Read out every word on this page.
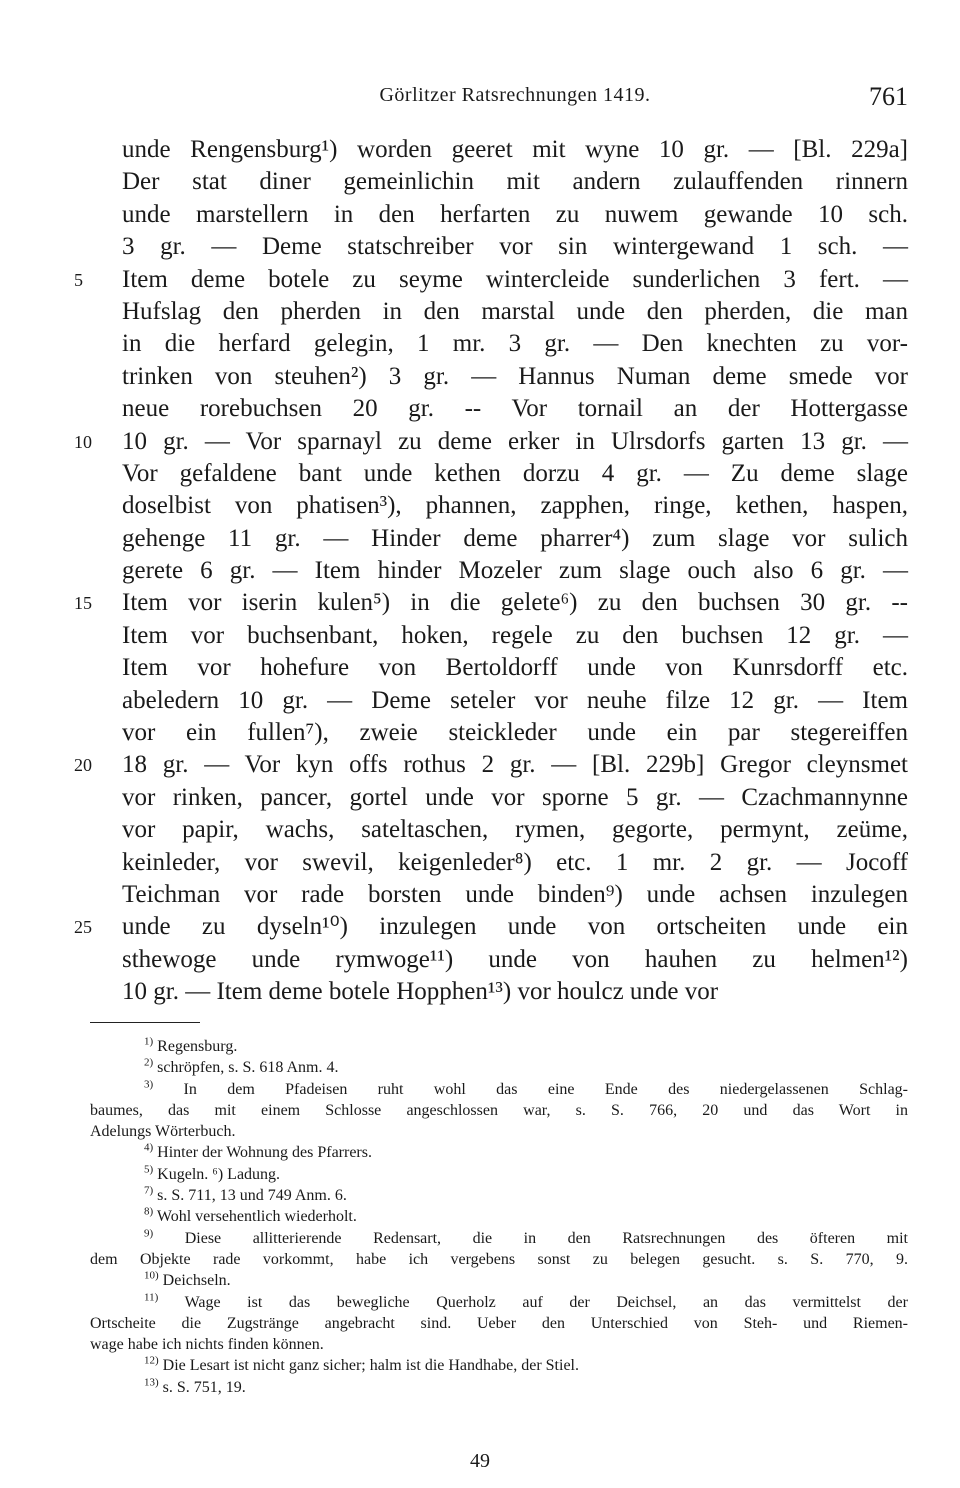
Görlitzer Ratsrechnungen 1419.	761
unde Rengensburg¹) worden geeret mit wyne 10 gr. — [Bl. 229a]
Der stat diner gemeinlichin mit andern zulauffenden rinnern
unde marstellern in den herfarten zu nuwem gewande 10 sch.
3 gr. — Deme statschreiber vor sin wintergewand 1 sch. —
5	Item deme botele zu seyme wintercleide sunderlichen 3 fert. —
Hufslag den pherden in den marstal unde den pherden, die man
in die herfard gelegin, 1 mr. 3 gr. — Den knechten zu vor-
trinken von steuhen²) 3 gr. — Hannus Numan deme smede vor
neue rorebuchsen 20 gr. -- Vor tornail an der Hottergasse
10	10 gr. — Vor sparnayl zu deme erker in Ulrsdorfs garten 13 gr. —
Vor gefaldene bant unde kethen dorzu 4 gr. — Zu deme slage
doselbist von phatisen³), phannen, zapphen, ringe, kethen, haspen,
gehenge 11 gr. — Hinder deme pharrer⁴) zum slage vor sulich
gerete 6 gr. — Item hinder Mozeler zum slage ouch also 6 gr. —
15	Item vor iserin kulen⁵) in die gelete⁶) zu den buchsen 30 gr. --
Item vor buchsenbant, hoken, regele zu den buchsen 12 gr. —
Item vor hohefure von Bertoldorff unde von Kunrsdorff etc.
abeledern 10 gr. — Deme seteler vor neuhe filze 12 gr. — Item
vor ein fullen⁷), zweie steickleder unde ein par stegereiffen
20	18 gr. — Vor kyn offs rothus 2 gr. — [Bl. 229b] Gregor cleynsmet
vor rinken, pancer, gortel unde vor sporne 5 gr. — Czachmannynne
vor papir, wachs, sateltaschen, rymen, gegorte, permynt, zeüme,
keinleder, vor swevil, keigenleder⁸) etc. 1 mr. 2 gr. — Jocoff
Teichman vor rade borsten unde binden⁹) unde achsen inzulegen
25	unde zu dyseln¹⁰) inzulegen unde von ortscheiten unde ein
sthewoge unde rymwoge¹¹) unde von hauhen zu helmen¹²)
10 gr. — Item deme botele Hopphen¹³) vor houlcz unde vor
$^{1)}$ Regensburg.
$^{2)}$ schröpfen, s. S. 618 Anm. 4.
$^{3)}$ In dem Pfadeisen ruht wohl das eine Ende des niedergelassenen Schlag-
baumes, das mit einem Schlosse angeschlossen war, s. S. 766, 20 und das Wort in
Adelungs Wörterbuch.
$^{4)}$ Hinter der Wohnung des Pfarrers.
$^{5)}$ Kugeln. ⁶) Ladung.
$^{7)}$ s. S. 711, 13 und 749 Anm. 6.
$^{8)}$ Wohl versehentlich wiederholt.
$^{9)}$ Diese allitterierende Redensart, die in den Ratsrechnungen des öfteren mit
dem Objekte rade vorkommt, habe ich vergebens sonst zu belegen gesucht. s. S. 770, 9.
$^{10)}$ Deichseln.
$^{11)}$ Wage ist das bewegliche Querholz auf der Deichsel, an das vermittelst der
Ortscheite die Zugstränge angebracht sind. Ueber den Unterschied von Steh- und Riemen-
wage habe ich nichts finden können.
$^{12)}$ Die Lesart ist nicht ganz sicher; halm ist die Handhabe, der Stiel.
$^{13)}$ s. S. 751, 19.
49
